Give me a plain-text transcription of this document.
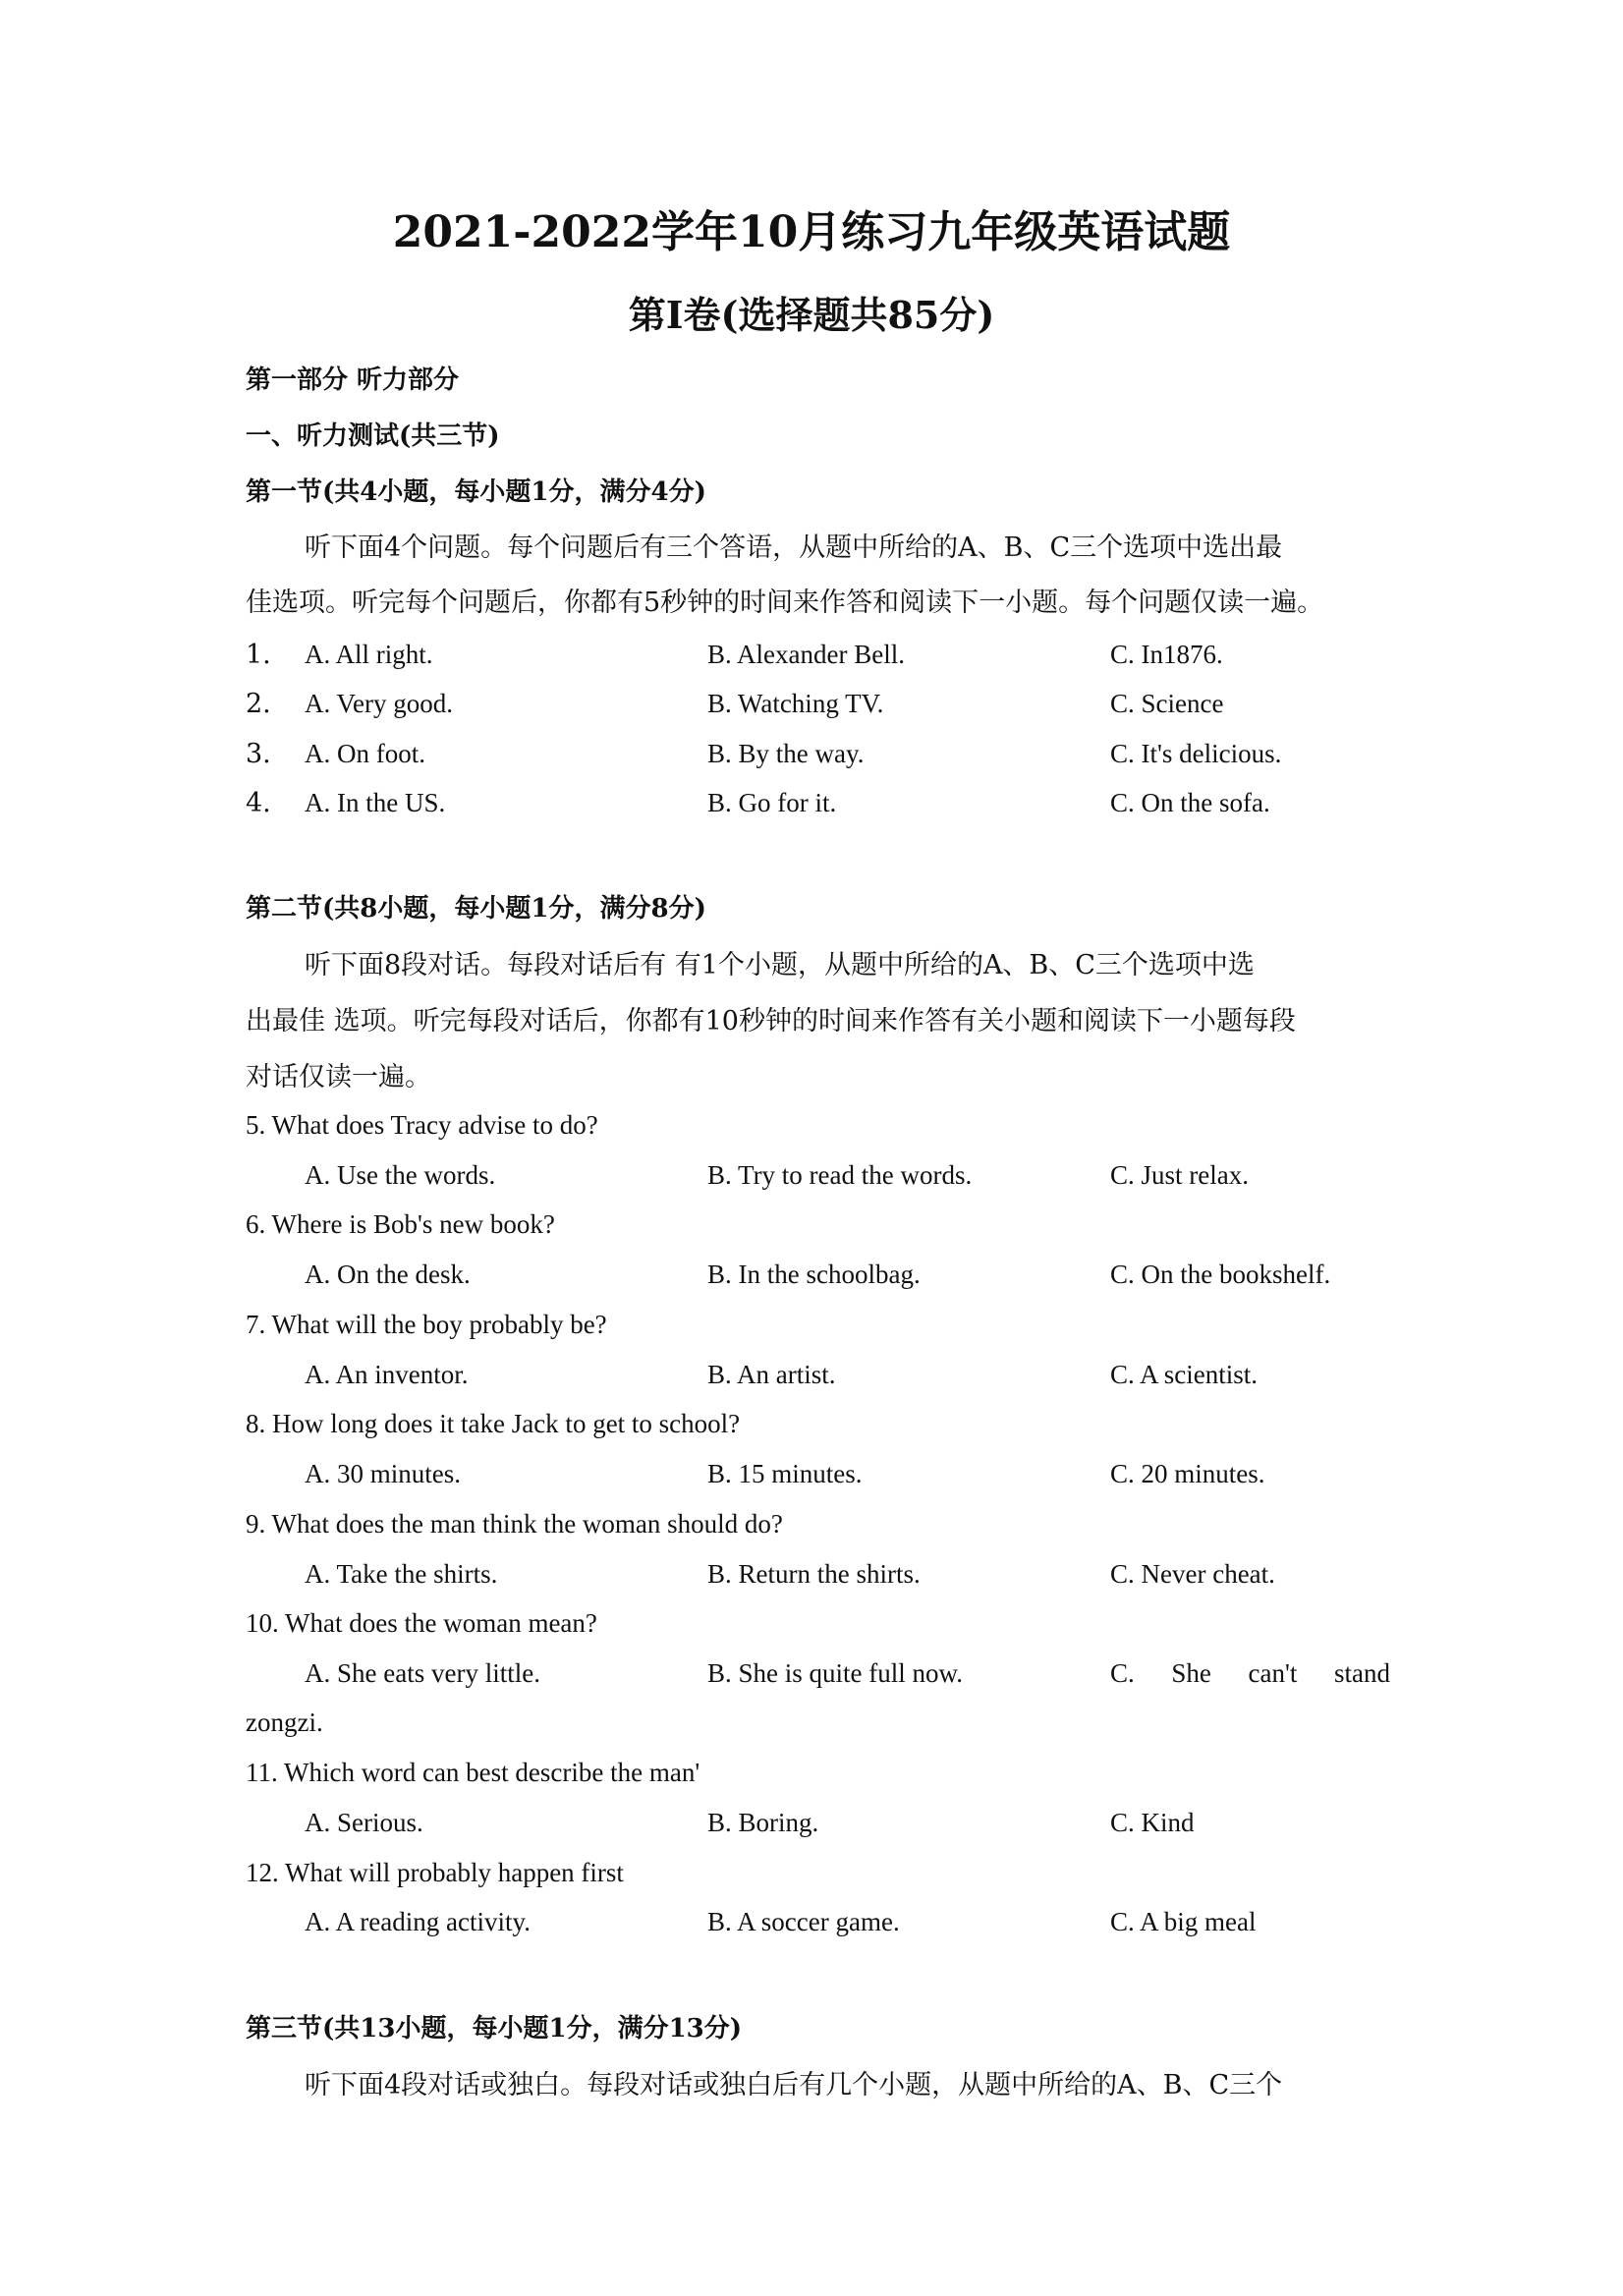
2021-2022学年10月练习九年级英语试题
第Ⅰ卷(选择题共85分)
第一部分 听力部分
一、听力测试(共三节)
第一节(共4小题，每小题1分，满分4分)
听下面4个问题。每个问题后有三个答语，从题中所给的A、B、C三个选项中选出最
佳选项。听完每个问题后，你都有5秒钟的时间来作答和阅读下一小题。每个问题仅读一遍。
1. A. All right.	B. Alexander Bell.	C. In1876.
2. A. Very good.	B. Watching TV.	C. Science
3. A. On foot.	B. By the way.	C. It's delicious.
4. A. In the US.	B. Go for it.	C. On the sofa.
第二节(共8小题，每小题1分，满分8分)
听下面8段对话。每段对话后有 有1个小题，从题中所给的A、B、C三个选项中选
出最佳 选项。听完每段对话后，你都有10秒钟的时间来作答有关小题和阅读下一小题每段
对话仅读一遍。
5. What does Tracy advise to do?
A. Use the words.	B. Try to read the words.	C. Just relax.
6. Where is Bob's new book?
A. On the desk.	B. In the schoolbag.	C. On the bookshelf.
7. What will the boy probably be?
A. An inventor.	B. An artist.	C. A scientist.
8. How long does it take Jack to get to school?
A. 30 minutes.	B. 15 minutes.	C. 20 minutes.
9. What does the man think the woman should do?
A. Take the shirts.	B. Return the shirts.	C. Never cheat.
10. What does the woman mean?
A. She eats very little.	B. She is quite full now.	C. She can't stand
zongzi.
11. Which word can best describe the man'
A. Serious.	B. Boring.	C. Kind
12. What will probably happen first
A. A reading activity.	B. A soccer game.	C. A big meal
第三节(共13小题，每小题1分，满分13分)
听下面4段对话或独白。每段对话或独白后有几个小题，从题中所给的A、B、C三个
